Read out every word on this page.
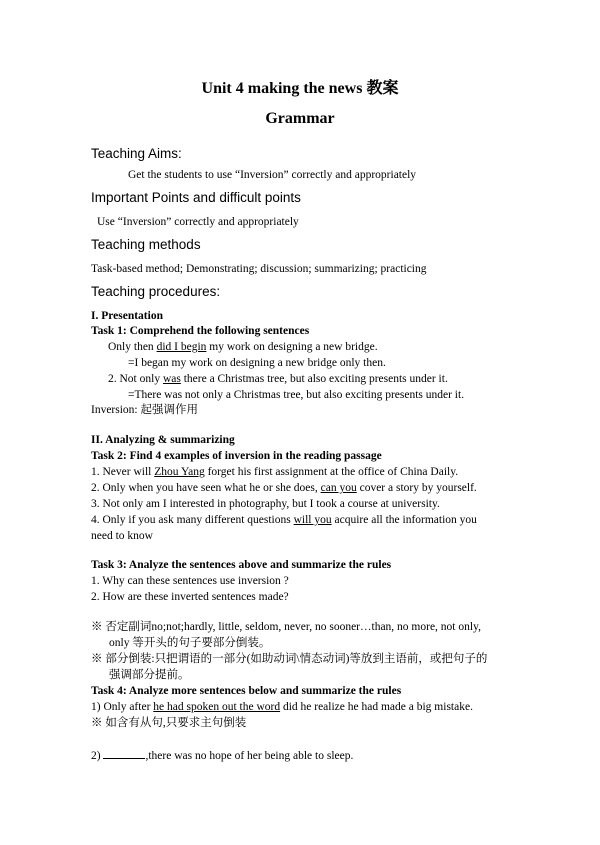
Unit 4 making the news 教案
Grammar
Teaching Aims:
Get the students to use “Inversion” correctly and appropriately
Important Points and difficult points
Use “Inversion” correctly and appropriately
Teaching methods
Task-based method; Demonstrating; discussion; summarizing; practicing
Teaching procedures:
I. Presentation
Task 1: Comprehend the following sentences
Only then did I begin my work on designing a new bridge.
=I began my work on designing a new bridge only then.
2. Not only was there a Christmas tree, but also exciting presents under it.
=There was not only a Christmas tree, but also exciting presents under it.
Inversion: 起强调作用
II. Analyzing & summarizing
Task 2: Find 4 examples of inversion in the reading passage
1. Never will Zhou Yang forget his first assignment at the office of China Daily.
2. Only when you have seen what he or she does, can you cover a story by yourself.
3. Not only am I interested in photography, but I took a course at university.
4. Only if you ask many different questions will you acquire all the information you
need to know
Task 3: Analyze the sentences above and summarize the rules
1. Why can these sentences use inversion ?
2. How are these inverted sentences made?
※ 否定副词no;not;hardly, little, seldom, never, no sooner…than, no more, not only,
only 等开头的句子要部分倒装。
※ 部分倒装:只把谓语的一部分(如助动词\情态动词)等放到主语前，或把句子的
强调部分提前。
Task 4: Analyze more sentences below and summarize the rules
1) Only after he had spoken out the word did he realize he had made a big mistake.
※ 如含有从句,只要求主句倒装
2)	,there was no hope of her being able to sleep.
